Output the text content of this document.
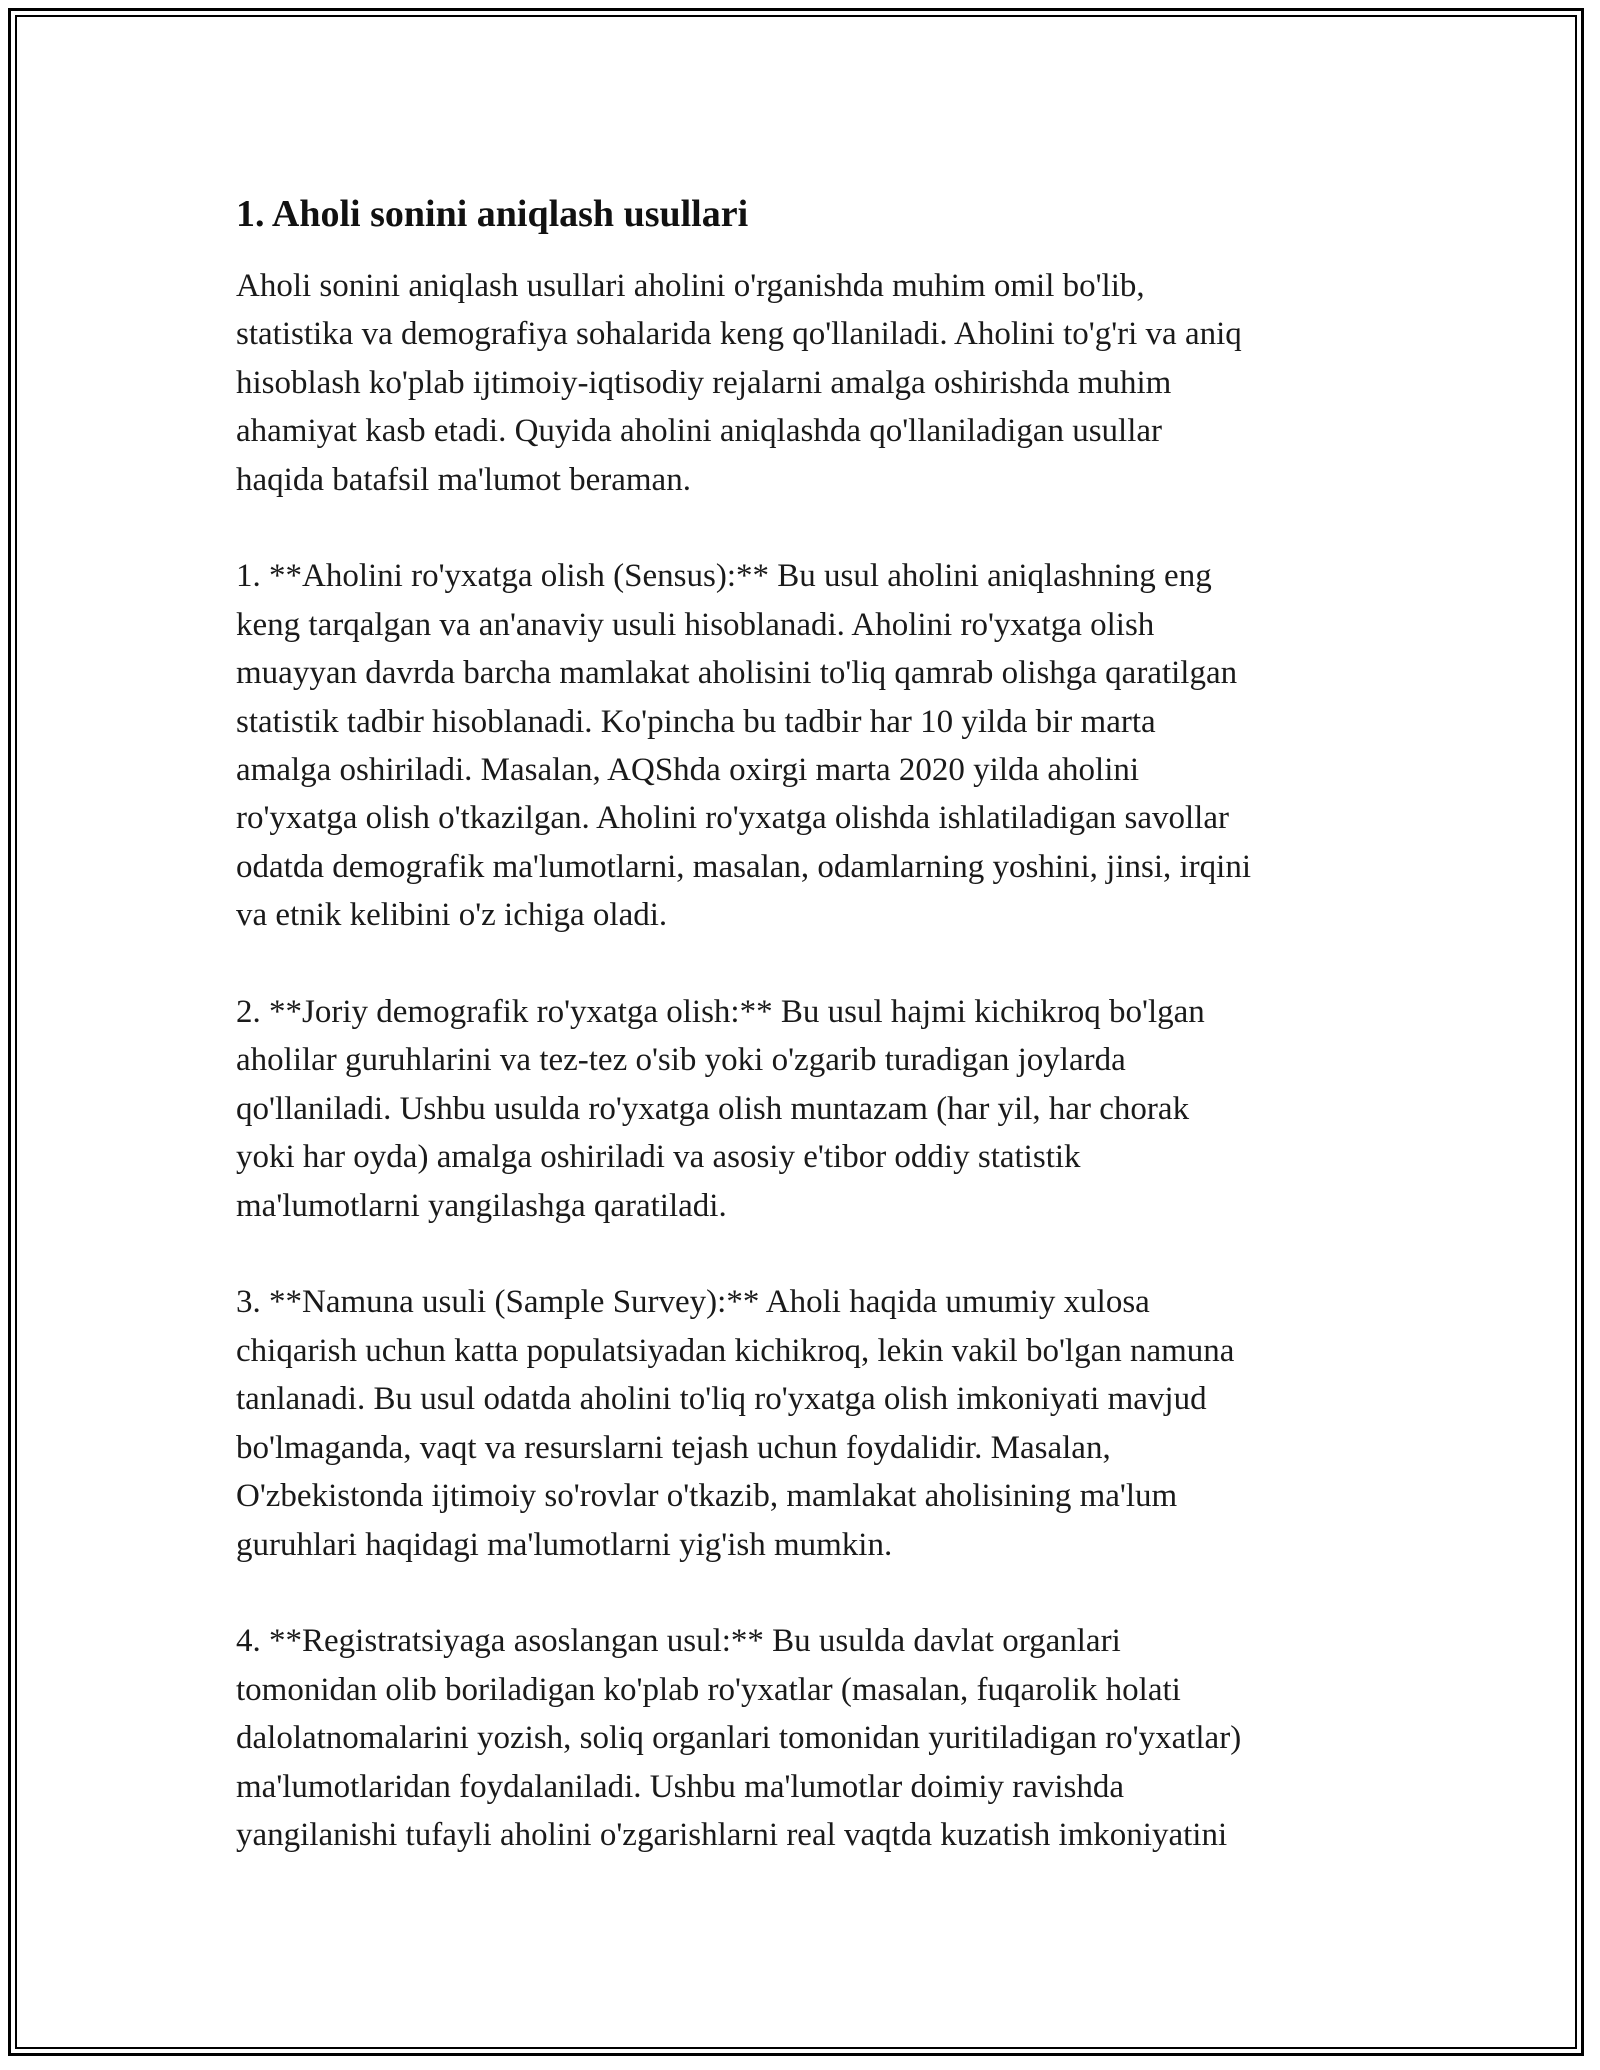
1. Aholi sonini aniqlash usullari

Aholi sonini aniqlash usullari aholini o'rganishda muhim omil bo'lib,
statistika va demografiya sohalarida keng qo'llaniladi. Aholini to'g'ri va aniq
hisoblash ko'plab ijtimoiy-iqtisodiy rejalarni amalga oshirishda muhim
ahamiyat kasb etadi. Quyida aholini aniqlashda qo'llaniladigan usullar
haqida batafsil ma'lumot beraman.

1. **Aholini ro'yxatga olish (Sensus):** Bu usul aholini aniqlashning eng
keng tarqalgan va an'anaviy usuli hisoblanadi. Aholini ro'yxatga olish
muayyan davrda barcha mamlakat aholisini to'liq qamrab olishga qaratilgan
statistik tadbir hisoblanadi. Ko'pincha bu tadbir har 10 yilda bir marta
amalga oshiriladi. Masalan, AQShda oxirgi marta 2020 yilda aholini
ro'yxatga olish o'tkazilgan. Aholini ro'yxatga olishda ishlatiladigan savollar
odatda demografik ma'lumotlarni, masalan, odamlarning yoshini, jinsi, irqini
va etnik kelibini o'z ichiga oladi.

2. **Joriy demografik ro'yxatga olish:** Bu usul hajmi kichikroq bo'lgan
aholilar guruhlarini va tez-tez o'sib yoki o'zgarib turadigan joylarda
qo'llaniladi. Ushbu usulda ro'yxatga olish muntazam (har yil, har chorak
yoki har oyda) amalga oshiriladi va asosiy e'tibor oddiy statistik
ma'lumotlarni yangilashga qaratiladi.

3. **Namuna usuli (Sample Survey):** Aholi haqida umumiy xulosa
chiqarish uchun katta populatsiyadan kichikroq, lekin vakil bo'lgan namuna
tanlanadi. Bu usul odatda aholini to'liq ro'yxatga olish imkoniyati mavjud
bo'lmaganda, vaqt va resurslarni tejash uchun foydalidir. Masalan,
O'zbekistonda ijtimoiy so'rovlar o'tkazib, mamlakat aholisining ma'lum
guruhlari haqidagi ma'lumotlarni yig'ish mumkin.

4. **Registratsiyaga asoslangan usul:** Bu usulda davlat organlari
tomonidan olib boriladigan ko'plab ro'yxatlar (masalan, fuqarolik holati
dalolatnomalarini yozish, soliq organlari tomonidan yuritiladigan ro'yxatlar)
ma'lumotlaridan foydalaniladi. Ushbu ma'lumotlar doimiy ravishda
yangilanishi tufayli aholini o'zgarishlarni real vaqtda kuzatish imkoniyatini
